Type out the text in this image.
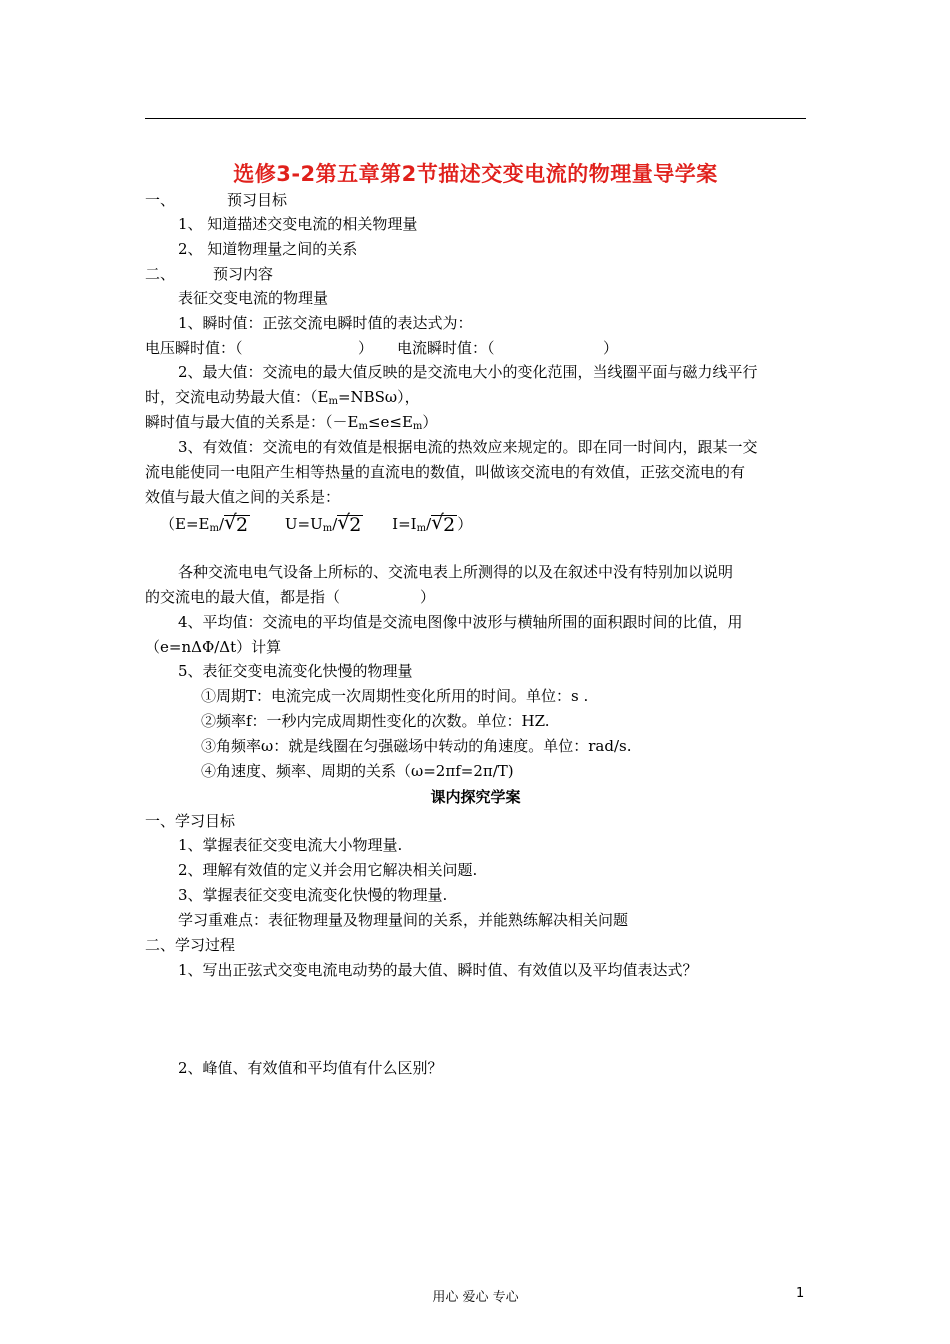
选修3-2第五章第2节描述交变电流的物理量导学案
一、	预习目标
1、 知道描述交变电流的相关物理量
2、 知道物理量之间的关系
二、	预习内容
表征交变电流的物理量
1、瞬时值：正弦交流电瞬时值的表达式为：
电压瞬时值：（	） 电流瞬时值：（	）
2、最大值：交流电的最大值反映的是交流电大小的变化范围，当线圈平面与磁力线平行
时，交流电动势最大值：$(E_m=NBS\omega)$，
瞬时值与最大值的关系是：$(-E_m\le e\le E_m)$
3、有效值：交流电的有效值是根据电流的热效应来规定的。即在同一时间内，跟某一交
流电能使同一电阻产生相等热量的直流电的数值，叫做该交流电的有效值，正弦交流电的有
效值与最大值之间的关系是：
（$E=E_m/√$ 2 $U=U_m/√$ 2 $I=I_m/√$ 2 ）
各种交流电电气设备上所标的、交流电表上所测得的以及在叙述中没有特别加以说明
的交流电的最大值，都是指（	）
4、平均值：交流电的平均值是交流电图像中波形与横轴所围的面积跟时间的比值，用
（e=nΔΦ/Δt）计算
5、表征交变电流变化快慢的物理量
①周期T：电流完成一次周期性变化所用的时间。单位：s .
②频率f：一秒内完成周期性变化的次数。单位：HZ.
③角频率ω：就是线圈在匀强磁场中转动的角速度。单位：rad/s.
④角速度、频率、周期的关系（ω=2πf=2π/T)
课内探究学案
一、学习目标
1、掌握表征交变电流大小物理量.
2、理解有效值的定义并会用它解决相关问题.
3、掌握表征交变电流变化快慢的物理量.
学习重难点：表征物理量及物理量间的关系，并能熟练解决相关问题
二、学习过程
1、写出正弦式交变电流电动势的最大值、瞬时值、有效值以及平均值表达式？
2、峰值、有效值和平均值有什么区别？
用心 爱心 专心	1
